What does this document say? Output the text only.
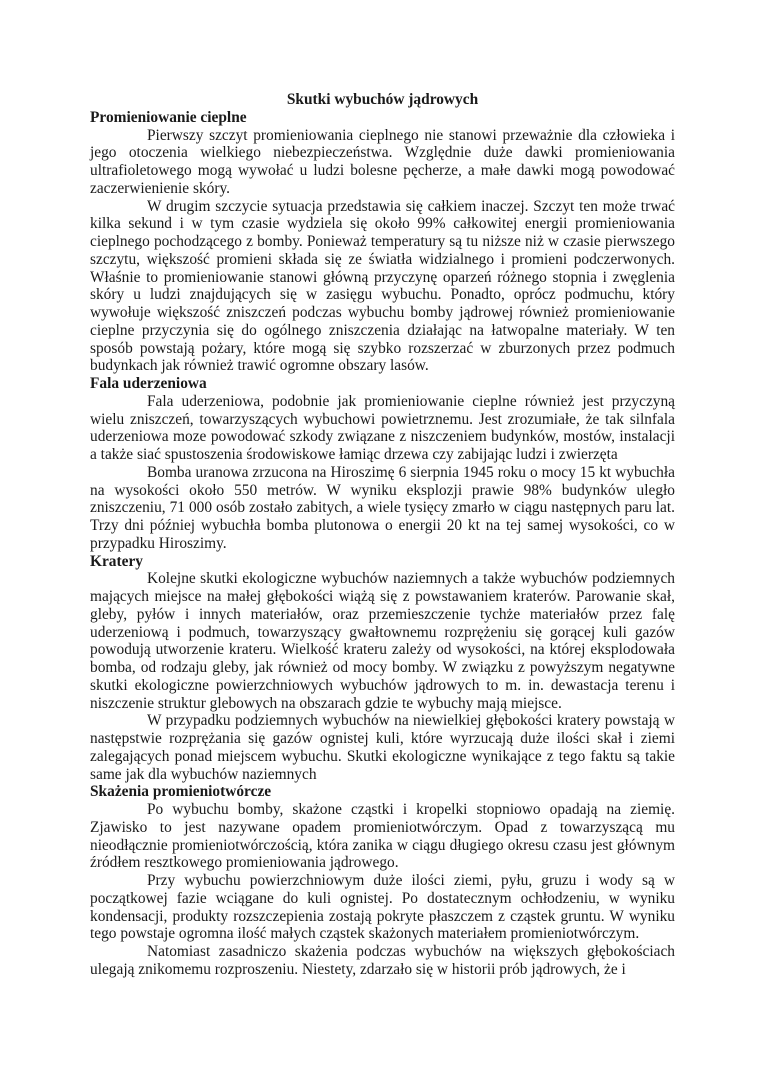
Skutki wybuchów jądrowych
Promieniowanie cieplne

Pierwszy szczyt promieniowania cieplnego nie stanowi przeważnie dla człowieka i jego otoczenia wielkiego niebezpieczeństwa. Względnie duże dawki promieniowania ultrafioletowego mogą wywołać u ludzi bolesne pęcherze, a małe dawki mogą powodować zaczerwienienie skóry.

W drugim szczycie sytuacja przedstawia się całkiem inaczej. Szczyt ten może trwać kilka sekund i w tym czasie wydziela się około 99% całkowitej energii promieniowania cieplnego pochodzącego z bomby. Ponieważ temperatury są tu niższe niż w czasie pierwszego szczytu, większość promieni składa się ze światła widzialnego i promieni podczerwonych. Właśnie to promieniowanie stanowi główną przyczynę oparzeń różnego stopnia i zwęglenia skóry u ludzi znajdujących się w zasięgu wybuchu. Ponadto, oprócz podmuchu, który wywołuje większość zniszczeń podczas wybuchu bomby jądrowej również promieniowanie cieplne przyczynia się do ogólnego zniszczenia działając na łatwopalne materiały. W ten sposób powstają pożary, które mogą się szybko rozszerzać w zburzonych przez podmuch budynkach jak również trawić ogromne obszary lasów.

Fala uderzeniowa

Fala uderzeniowa, podobnie jak promieniowanie cieplne również jest przyczyną wielu zniszczeń, towarzyszących wybuchowi powietrznemu. Jest zrozumiałe, że tak silnfala uderzeniowa moze powodować szkody związane z niszczeniem budynków, mostów, instalacji a także siać spustoszenia środowiskowe łamiąc drzewa czy zabijając ludzi i zwierzęta

Bomba uranowa zrzucona na Hiroszimę 6 sierpnia 1945 roku o mocy 15 kt wybuchła na wysokości około 550 metrów. W wyniku eksplozji prawie 98% budynków uległo zniszczeniu, 71 000 osób zostało zabitych, a wiele tysięcy zmarło w ciągu następnych paru lat. Trzy dni później wybuchła bomba plutonowa o energii 20 kt na tej samej wysokości, co w przypadku Hiroszimy.

Kratery

Kolejne skutki ekologiczne wybuchów naziemnych a także wybuchów podziemnych mających miejsce na małej głębokości wiążą się z powstawaniem kraterów. Parowanie skał, gleby, pyłów i innych materiałów, oraz przemieszczenie tychże materiałów przez falę uderzeniową i podmuch, towarzyszący gwałtownemu rozprężeniu się gorącej kuli gazów powodują utworzenie krateru. Wielkość krateru zależy od wysokości, na której eksplodowała bomba, od rodzaju gleby, jak również od mocy bomby. W związku z powyższym negatywne skutki ekologiczne powierzchniowych wybuchów jądrowych to m. in. dewastacja terenu i niszczenie struktur glebowych na obszarach gdzie te wybuchy mają miejsce.

W przypadku podziemnych wybuchów na niewielkiej głębokości kratery powstają w następstwie rozprężania się gazów ognistej kuli, które wyrzucają duże ilości skał i ziemi zalegających ponad miejscem wybuchu. Skutki ekologiczne wynikające z tego faktu są takie same jak dla wybuchów naziemnych

Skażenia promieniotwórcze

Po wybuchu bomby, skażone cząstki i kropelki stopniowo opadają na ziemię. Zjawisko to jest nazywane opadem promieniotwórczym. Opad z towarzyszącą mu nieodłącznie promieniotwórczością, która zanika w ciągu długiego okresu czasu jest głównym źródłem resztkowego promieniowania jądrowego.

Przy wybuchu powierzchniowym duże ilości ziemi, pyłu, gruzu i wody są w początkowej fazie wciągane do kuli ognistej. Po dostatecznym ochłodzeniu, w wyniku kondensacji, produkty rozszczepienia zostają pokryte płaszczem z cząstek gruntu. W wyniku tego powstaje ogromna ilość małych cząstek skażonych materiałem promieniotwórczym.

Natomiast zasadniczo skażenia podczas wybuchów na większych głębokościach ulegają znikomemu rozproszeniu. Niestety, zdarzało się w historii prób jądrowych, że i
